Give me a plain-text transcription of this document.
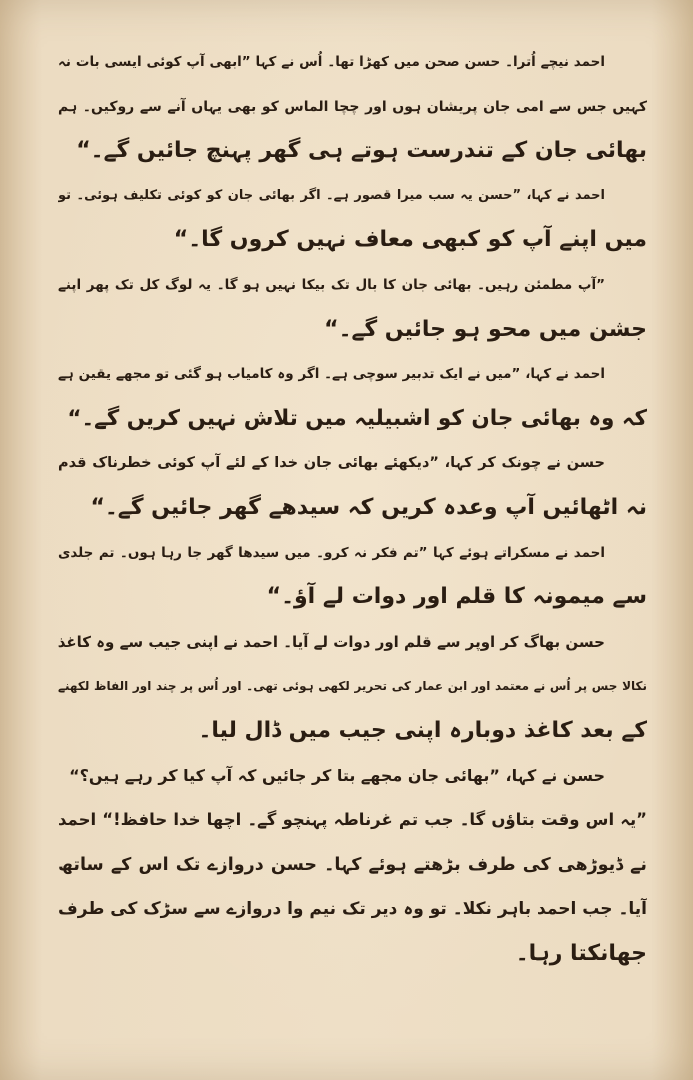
احمد نیچے اُترا۔ حسن صحن میں کھڑا تھا۔ اُس نے کہا ”ابھی آپ کوئی ایسی بات نہ
کہیں جس سے امی جان پریشان ہوں اور چچا الماس کو بھی یہاں آنے سے روکیں۔ ہم
بھائی جان کے تندرست ہوتے ہی گھر پہنچ جائیں گے۔“
احمد نے کہا، ”حسن یہ سب میرا قصور ہے۔ اگر بھائی جان کو کوئی تکلیف ہوئی۔ تو
میں اپنے آپ کو کبھی معاف نہیں کروں گا۔“
”آپ مطمئن رہیں۔ بھائی جان کا بال تک بیکا نہیں ہو گا۔ یہ لوگ کل تک پھر اپنے
جشن میں محو ہو جائیں گے۔“
احمد نے کہا، ”میں نے ایک تدبیر سوچی ہے۔ اگر وہ کامیاب ہو گئی تو مجھے یقین ہے
کہ وہ بھائی جان کو اشبیلیہ میں تلاش نہیں کریں گے۔“
حسن نے چونک کر کہا، ”دیکھئے بھائی جان خدا کے لئے آپ کوئی خطرناک قدم
نہ اٹھائیں آپ وعدہ کریں کہ سیدھے گھر جائیں گے۔“
احمد نے مسکراتے ہوئے کہا ”تم فکر نہ کرو۔ میں سیدھا گھر جا رہا ہوں۔ تم جلدی
سے میمونہ کا قلم اور دوات لے آؤ۔“
حسن بھاگ کر اوپر سے قلم اور دوات لے آیا۔ احمد نے اپنی جیب سے وہ کاغذ
نکالا جس پر اُس نے معتمد اور ابن عمار کی تحریر لکھی ہوئی تھی۔ اور اُس پر چند اور الفاظ لکھنے
کے بعد کاغذ دوبارہ اپنی جیب میں ڈال لیا۔
حسن نے کہا، ”بھائی جان مجھے بتا کر جائیں کہ آپ کیا کر رہے ہیں؟“
”یہ اس وقت بتاؤں گا۔ جب تم غرناطہ پہنچو گے۔ اچھا خدا حافظ!“ احمد
نے ڈیوڑھی کی طرف بڑھتے ہوئے کہا۔ حسن دروازے تک اس کے ساتھ
آیا۔ جب احمد باہر نکلا۔ تو وہ دیر تک نیم وا دروازے سے سڑک کی طرف
جھانکتا رہا۔
